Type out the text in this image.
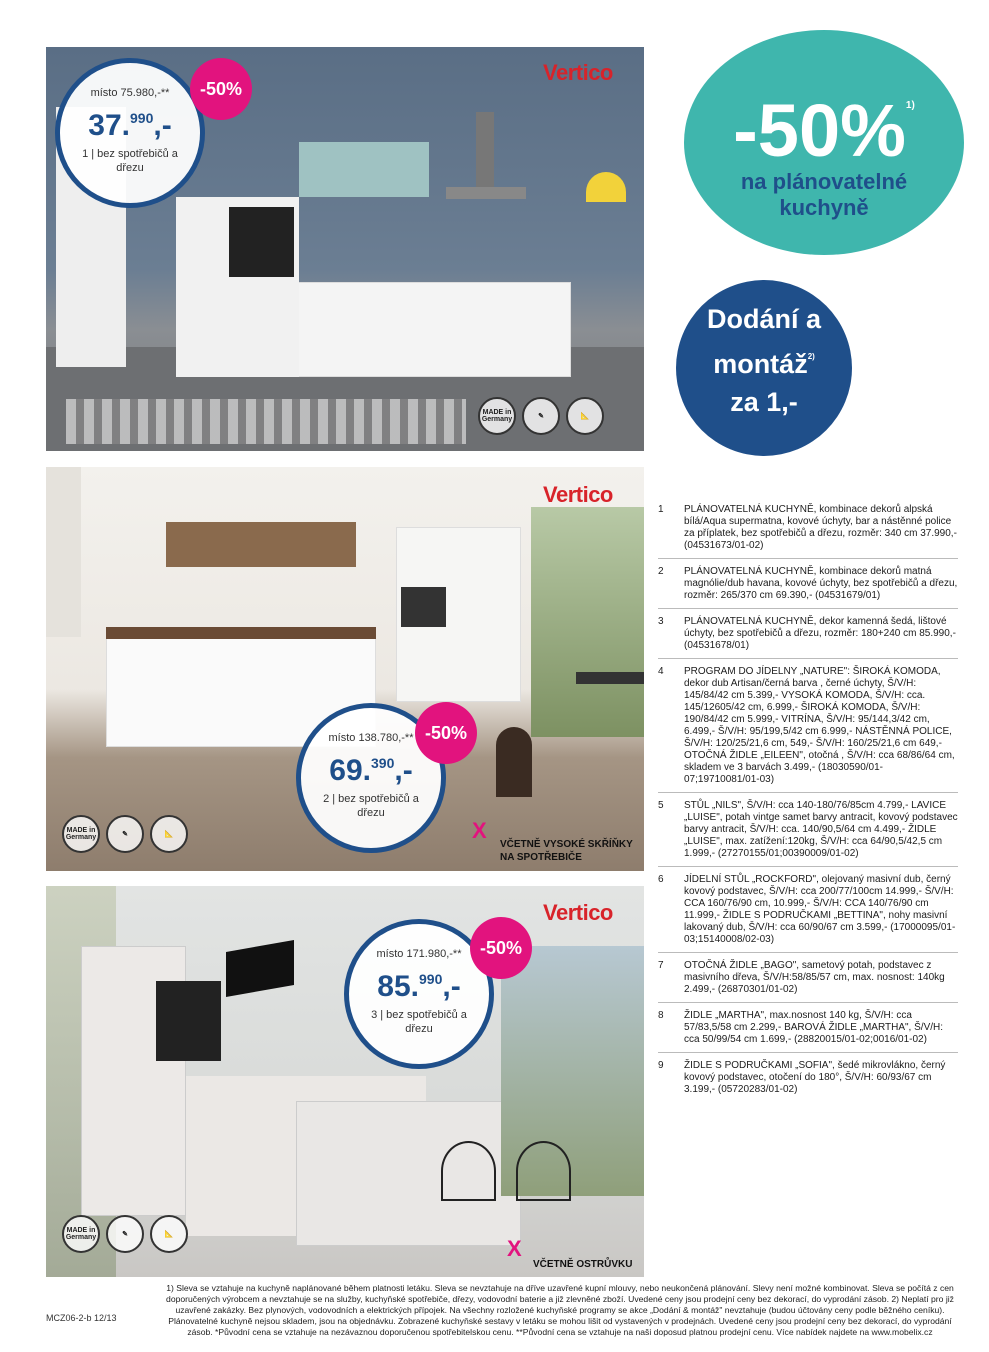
Vertico
místo 75.980,-**
37.$^{990}$,-
1 | bez spotřebičů a dřezu
-50%
MADE in Germany	✎	📐
Vertico
místo 138.780,-**
69.$^{390}$,-
2 | bez spotřebičů a dřezu
-50%
MADE in Germany	✎	📐	X
VČETNĚ VYSOKÉ SKŘÍŇKY NA SPOTŘEBIČE
Vertico
místo 171.980,-**
85.$^{990}$,-
3 | bez spotřebičů a dřezu
-50%
MADE in Germany	✎	📐
X
VČETNĚ OSTRŮVKU
-50%$^{1)}$
na plánovatelné
kuchyně
Dodání a
montáž$^{2)}$
za 1,-
1	PLÁNOVATELNÁ KUCHYNĚ, kombinace dekorů alpská bílá/Aqua supermatna, kovové úchyty, bar a nástěnné police za příplatek, bez spotřebičů a dřezu, rozměr: 340 cm 37.990,- (04531673/01-02)
2	PLÁNOVATELNÁ KUCHYNĚ, kombinace dekorů matná magnólie/dub havana, kovové úchyty, bez spotřebičů a dřezu, rozměr: 265/370 cm 69.390,- (04531679/01)
3	PLÁNOVATELNÁ KUCHYNĚ, dekor kamenná šedá, lištové úchyty, bez spotřebičů a dřezu, rozměr: 180+240 cm 85.990,- (04531678/01)
4	PROGRAM DO JÍDELNY „NATURE": ŠIROKÁ KOMODA, dekor dub Artisan/černá barva , černé úchyty, Š/V/H: 145/84/42 cm 5.399,- VYSOKÁ KOMODA, Š/V/H: cca. 145/12605/42 cm, 6.999,- ŠIROKÁ KOMODA, Š/V/H: 190/84/42 cm 5.999,- VITRÍNA, Š/V/H: 95/144,3/42 cm, 6.499,- Š/V/H: 95/199,5/42 cm 6.999,- NÁSTĚNNÁ POLICE, Š/V/H: 120/25/21,6 cm, 549,- Š/V/H: 160/25/21,6 cm 649,- OTOČNÁ ŽIDLE „EILEEN", otočná , Š/V/H: cca 68/86/64 cm, skladem ve 3 barvách 3.499,- (18030590/01-07;19710081/01-03)
5	STŮL „NILS", Š/V/H: cca 140-180/76/85cm 4.799,- LAVICE „LUISE", potah vintge samet barvy antracit, kovový podstavec barvy antracit, Š/V/H: cca. 140/90,5/64 cm 4.499,- ŽIDLE „LUISE", max. zatížení:120kg, Š/V/H: cca 64/90,5/42,5 cm 1.999,- (27270155/01;00390009/01-02)
6	JÍDELNÍ STŮL „ROCKFORD", olejovaný masivní dub, černý kovový podstavec, Š/V/H: cca 200/77/100cm 14.999,- Š/V/H: CCA 160/76/90 cm, 10.999,- Š/V/H: CCA 140/76/90 cm 11.999,- ŽIDLE S PODRUČKAMI „BETTINA", nohy masivní lakovaný dub, Š/V/H: cca 60/90/67 cm 3.599,- (17000095/01-03;15140008/02-03)
7	OTOČNÁ ŽIDLE „BAGO", sametový potah, podstavec z masivního dřeva, Š/V/H:58/85/57 cm, max. nosnost: 140kg 2.499,- (26870301/01-02)
8	ŽIDLE „MARTHA", max.nosnost 140 kg, Š/V/H: cca 57/83,5/58 cm 2.299,- BAROVÁ ŽIDLE „MARTHA", Š/V/H: cca 50/99/54 cm 1.699,- (28820015/01-02;0016/01-02)
9	ŽIDLE S PODRUČKAMI „SOFIA", šedé mikrovlákno, černý kovový podstavec, otočení do 180°, Š/V/H: 60/93/67 cm 3.199,- (05720283/01-02)
1) Sleva se vztahuje na kuchyně naplánované během platnosti letáku. Sleva se nevztahuje na dříve uzavřené kupní mlouvy, nebo neukončená plánování. Slevy není možné kombinovat. Sleva se počítá z cen doporučených výrobcem a nevztahuje se na služby, kuchyňské spotřebiče, dřezy, vodovodní baterie a již zlevněné zboží. Uvedené ceny jsou prodejní ceny bez dekorací, do vyprodání zásob. 2) Neplatí pro již uzavřené zakázky. Bez plynových, vodovodních a elektrických přípojek. Na všechny rozložené kuchyňské programy se akce „Dodání & montáž" nevztahuje (budou účtovány ceny podle běžného ceníku). Plánovatelné kuchyně nejsou skladem, jsou na objednávku. Zobrazené kuchyňské sestavy v letáku se mohou lišit od vystavených v prodejnách. Uvedené ceny jsou prodejní ceny bez dekorací, do vyprodání zásob. *Původní cena se vztahuje na nezávaznou doporučenou spotřebitelskou cenu. **Původní cena se vztahuje na naši doposud platnou prodejní cenu. Více nabídek najdete na www.mobelix.cz
MCZ06-2-b 12/13
